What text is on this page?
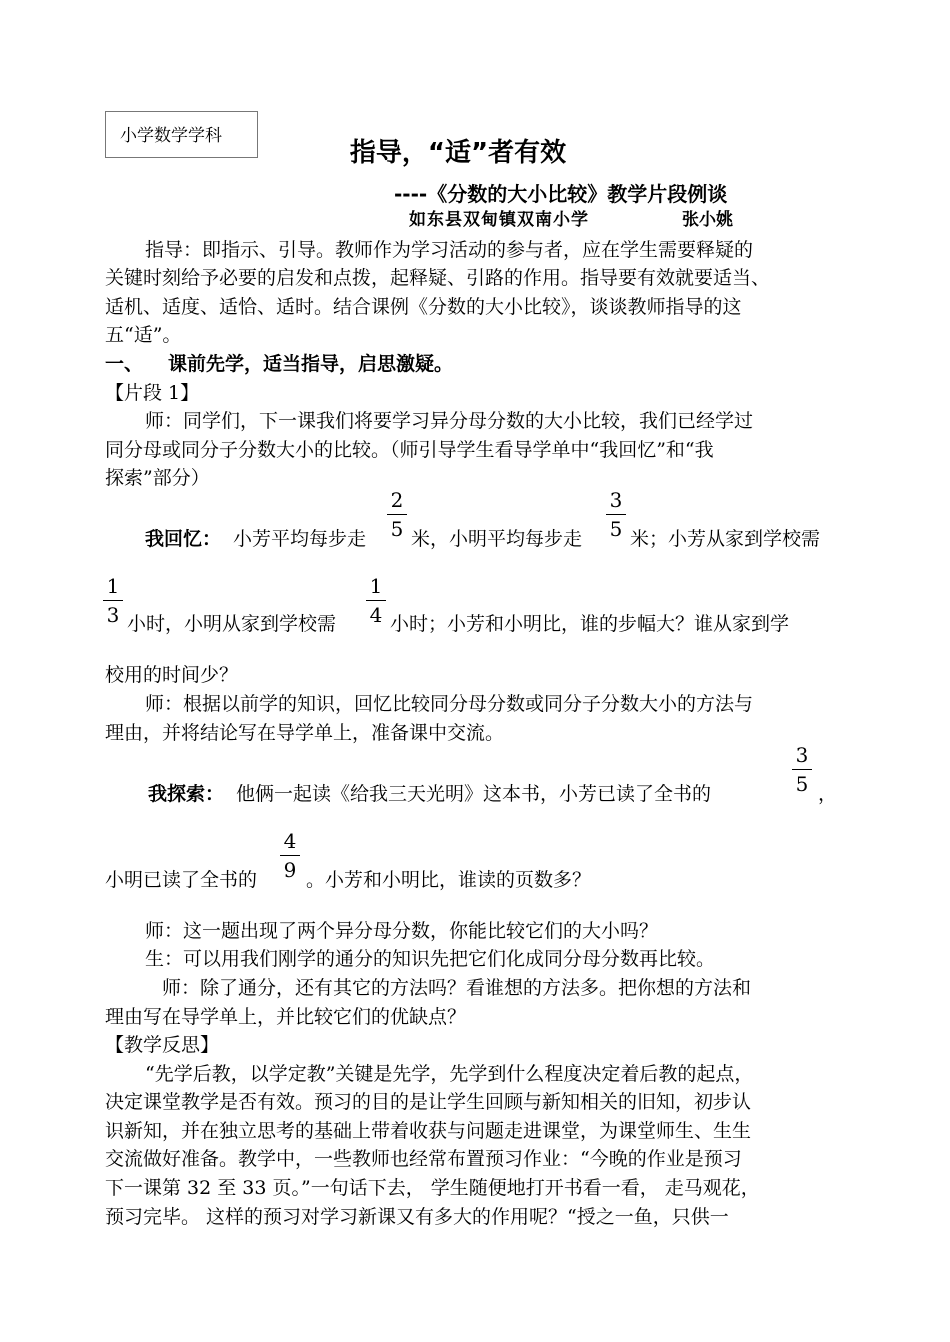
小学数学学科
指导，“适”者有效
----《分数的大小比较》教学片段例谈
如东县双甸镇双南小学	张小姚
指导：即指示、引导。教师作为学习活动的参与者，应在学生需要释疑的
关键时刻给予必要的启发和点拨，起释疑、引路的作用。指导要有效就要适当、
适机、适度、适恰、适时。结合课例《分数的大小比较》，谈谈教师指导的这
五“适”。
一、 课前先学，适当指导，启思激疑。
【片段 1】
师：同学们，下一课我们将要学习异分母分数的大小比较，我们已经学过
同分母或同分子分数大小的比较。（师引导学生看导学单中“我回忆”和“我
探索”部分）
我回忆： 小芳平均每步走
2
5 米，小明平均每步走
3
5 米；小芳从家到学校需
1
3 小时，小明从家到学校需
1
4 小时；小芳和小明比，谁的步幅大？谁从家到学
校用的时间少？
师：根据以前学的知识，回忆比较同分母分数或同分子分数大小的方法与
理由，并将结论写在导学单上，准备课中交流。
我探索： 他俩一起读《给我三天光明》这本书，小芳已读了全书的
3
5 ，
小明已读了全书的
4
9 。小芳和小明比，谁读的页数多？
师：这一题出现了两个异分母分数，你能比较它们的大小吗？
生：可以用我们刚学的通分的知识先把它们化成同分母分数再比较。
师：除了通分，还有其它的方法吗？看谁想的方法多。把你想的方法和
理由写在导学单上，并比较它们的优缺点？
【教学反思】
“先学后教，以学定教”关键是先学，先学到什么程度决定着后教的起点，
决定课堂教学是否有效。预习的目的是让学生回顾与新知相关的旧知，初步认
识新知，并在独立思考的基础上带着收获与问题走进课堂，为课堂师生、生生
交流做好准备。教学中，一些教师也经常布置预习作业：“今晚的作业是预习
下一课第 32 至 33 页。”一句话下去， 学生随便地打开书看一看， 走马观花，
预习完毕。 这样的预习对学习新课又有多大的作用呢？“授之一鱼，只供一
